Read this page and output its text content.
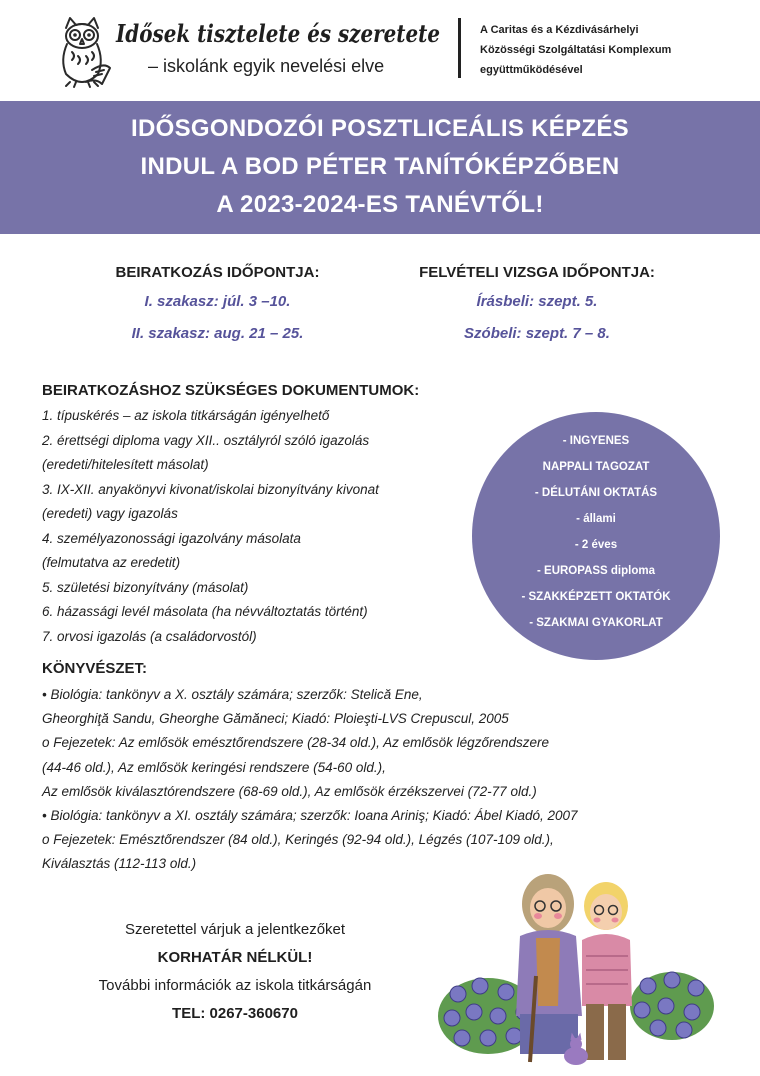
Idősek tisztelete és szeretete
– iskolánk egyik nevelési elve
A Caritas és a Kézdivásárhelyi
Közösségi Szolgáltatási Komplexum
együttműködésével
IDŐSGONDOZÓI POSZTLICEÁLIS KÉPZÉS
INDUL A BOD PÉTER TANÍTÓKÉPZŐBEN
A 2023-2024-ES TANÉVTŐL!
BEIRATKOZÁS IDŐPONTJA:
I. szakasz: júl. 3 –10.
II. szakasz: aug. 21 – 25.
FELVÉTELI VIZSGA IDŐPONTJA:
Írásbeli: szept. 5.
Szóbeli: szept. 7 – 8.
BEIRATKOZÁSHOZ SZÜKSÉGES DOKUMENTUMOK:
1. típuskérés – az iskola titkárságán igényelhető
2. érettségi diploma vagy XII.. osztályról szóló igazolás
(eredeti/hitelesített másolat)
3. IX-XII. anyakönyvi kivonat/iskolai bizonyítvány kivonat
(eredeti) vagy igazolás
4. személyazonossági igazolvány másolata
(felmutatva az eredetit)
5. születési bizonyítvány (másolat)
6. házassági levél másolata (ha névváltoztatás történt)
7. orvosi igazolás (a családorvostól)
- INGYENES
NAPPALI TAGOZAT
- DÉLUTÁNI OKTATÁS
- állami
- 2 éves
- EUROPASS diploma
- SZAKKÉPZETT OKTATÓK
- SZAKMAI GYAKORLAT
KÖNYVÉSZET:
• Biológia: tankönyv a X. osztály számára; szerzők: Stelică Ene,
Gheorghiţă Sandu, Gheorghe Gămăneci; Kiadó: Ploieşti-LVS Crepuscul, 2005
o Fejezetek: Az emlősök emésztőrendszere (28-34 old.), Az emlősök légzőrendszere
(44-46 old.), Az emlősök keringési rendszere (54-60 old.),
Az emlősök kiválasztórendszere (68-69 old.), Az emlősök érzékszervei (72-77 old.)
• Biológia: tankönyv a XI. osztály számára; szerzők: Ioana Ariniş; Kiadó: Ábel Kiadó, 2007
o Fejezetek: Emésztőrendszer (84 old.), Keringés (92-94 old.), Légzés (107-109 old.),
Kiválasztás (112-113 old.)
Szeretettel várjuk a jelentkezőket
KORHATÁR NÉLKÜL!
További információk az iskola titkárságán
TEL: 0267-360670
